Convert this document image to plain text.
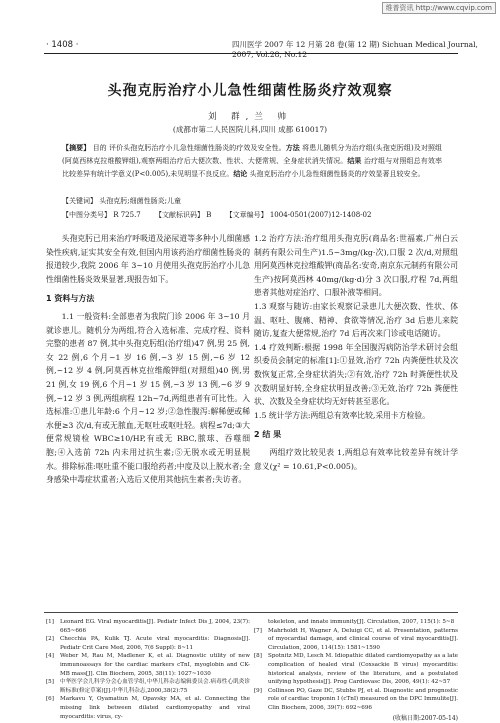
维普资讯 http://www.cqvip.com
· 1408 ·	四川医学 2007 年 12 月第 28 卷(第 12 期) Sichuan Medical Journal, 2007, Vol.28, No.12
头孢克肟治疗小儿急性细菌性肠炎疗效观察
刘 群,兰 帅
(成都市第二人民医院儿科,四川 成都 610017)
【摘要】 目的 评价头孢克肟治疗小儿急性细菌性肠炎的疗效及安全性。方法 将患儿随机分为治疗组(头孢克肟组)及对照组(阿莫西林克拉维酸钾组),观察两组治疗后大便次数、性状、大便常规、全身症状消失情况。结果 治疗组与对照组总有效率比较差异有统计学意义(P<0.005),未见明显不良反应。结论 头孢克肟治疗小儿急性细菌性肠炎的疗效显著且较安全。
【关键词】 头孢克肟;细菌性肠炎;儿童
【中图分类号】 R 725.7 【文献标识码】 B 【文章编号】 1004-0501(2007)12-1408-02

头孢克肟已用来治疗呼吸道及泌尿道等多种小儿细菌感染性疾病,证实其安全有效,但国内用该药治疗细菌性肠炎的报道较少,我院 2006 年 3~10 月使用头孢克肟治疗小儿急性细菌性肠炎效果显著,现报告如下。

1 资料与方法

1.1 一般资料:全部患者为我院门诊 2006 年 3~10 月就诊患儿。随机分为两组,符合入选标准、完成疗程、资料完整的患者 87 例,其中头孢克肟组(治疗组)47 例,男 25 例,女 22 例,6 个月~1 岁 16 例,~3 岁 15 例,~6 岁 12 例,~12 岁 4 例,阿莫西林克拉维酸钾组(对照组)40 例,男 21 例,女 19 例,6 个月~1 岁 15 例,~3 岁 13 例,~6 岁 9 例,~12 岁 3 例,两组病程 12h~7d,两组患者有可比性。入选标准:①患儿年龄:6 个月~12 岁;②急性腹泻:解稀便或稀水便≥3 次/d,有或无脓血,无呕吐或呕吐轻。病程≤7d;③大便常规镜检 WBC≥10/HP,有或无 RBC,脓球、吞噬细胞;④入选前 72h 内未用过抗生素;⑤无脱水或无明显脱水。排除标准:呕吐重不能口服给药者;中度及以上脱水者;全身感染中毒症状重者;入选后又使用其他抗生素者;失访者。

1.2 治疗方法:治疗组用头孢克肟(商品名:世福素,广州白云制药有限公司生产)1.5~3mg/(kg·次),口服 2 次/d,对照组用阿莫西林克拉维酸钾(商品名:安奇,南京东元制药有限公司生产)按阿莫西林 40mg/(kg·d)分 3 次口服,疗程 7d,两组患者其他对症治疗、口服补液等相同。

1.3 观察与随访:由家长观察记录患儿大便次数、性状、体温、呕吐、腹痛、精神、食欲等情况,治疗 3d 后患儿来院随访,复查大便常规,治疗 7d 后再次来门诊或电话随访。

1.4 疗效判断:根据 1998 年全国腹泻病防治学术研讨会组织委员会制定的标准[1]:①显效,治疗 72h 内粪便性状及次数恢复正常,全身症状消失;②有效,治疗 72h 时粪便性状及次数明显好转,全身症状明显改善;③无效,治疗 72h 粪便性状、次数及全身症状均无好转甚至恶化。

1.5 统计学方法:两组总有效率比较,采用卡方检验。

2 结 果

两组疗效比较见表 1,两组总有效率比较差异有统计学意义(χ² = 10.61,P<0.005)。

[1] Leonard EG. Viral myocarditis[J]. Pediatr Infect Dis J, 2004, 23(7): 665~666
[2] Checchia PA, Kulik TJ. Acute viral myocarditis: Diagnosis[J]. Pediatr Crit Care Med, 2006, 7(6 Suppl): 8~11
[4] Weber M, Rau M, Madlener K, et al. Diagnostic utility of new immunoassays for the cardiac markers cTnI, myoglobin and CK-MB mass[J]. Clin Biochem, 2005, 38(11): 1027~1030
[5] 中华医学会儿科学分会心血管学组,中华儿科杂志编辑委员会.病毒性心肌炎诊断标准(修定草案)[J].中华儿科杂志,2000,38(2):75
[6] Markavu Y, Oyamatiun M, Opavsky MA, et al. Connecting the missing link between dilated cardiomyopathy and viral myocarditis: virus, cy-
tokeleton, and innate immunity[J]. Circulation, 2007, 115(1): 5~8
[7] Mahrholdt H, Wagner A, Deluigi CC, et al. Presentation, patterns of myocardial damage, and clinical course of viral myocarditis[J]. Circulation, 2006, 114(15): 1581~1590
[8] Spotnitz MD, Lesch M. Idiopathic dilated cardiomyopathy as a late complication of healed viral (Coxsackie B virus) myocarditis: historical analysis, review of the literature, and a postulated unifying hypothesis[J]. Prog Cardiovasc Dis, 2006, 49(1): 42~57
[9] Collinson PO, Gaze DC, Stubbs PJ, et al. Diagnostic and prognostic role of cardiac troponin I (cTnI) measured on the DPC Immulite[J]. Clin Biochem, 2006, 39(7): 692~696
(收稿日期:2007-05-14)
